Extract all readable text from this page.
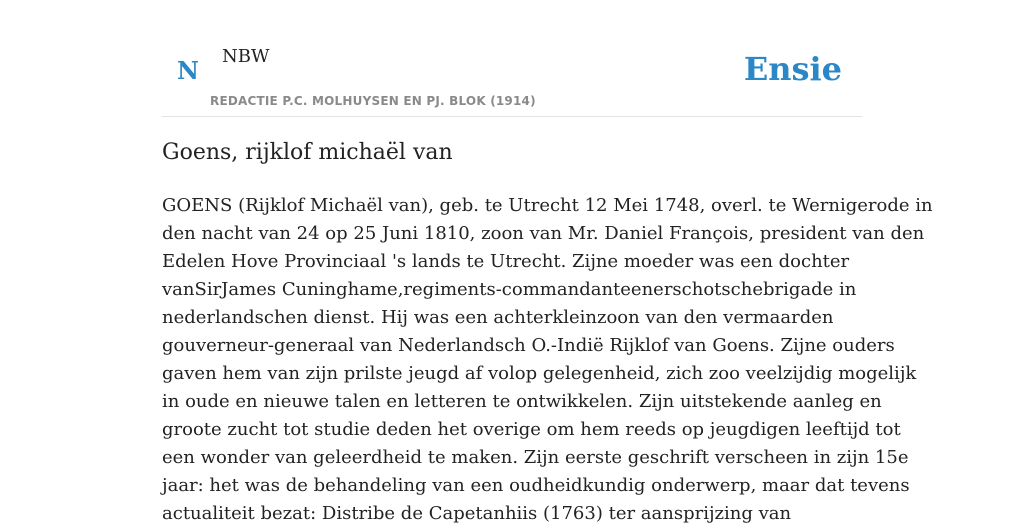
N NBW
REDACTIE P.C. MOLHUYSEN EN PJ. BLOK (1914)
Ensie
Goens, rijklof michaël van

GOENS (Rijklof Michaël van), geb. te Utrecht 12 Mei 1748, overl. te Wernigerode in
den nacht van 24 op 25 Juni 1810, zoon van Mr. Daniel François, president van den
Edelen Hove Provinciaal 's lands te Utrecht. Zijne moeder was een dochter
vanSirJames Cuninghame,regiments-commandanteenerschotschebrigade in
nederlandschen dienst. Hij was een achterkleinzoon van den vermaarden
gouverneur-generaal van Nederlandsch O.-Indië Rijklof van Goens. Zijne ouders
gaven hem van zijn prilste jeugd af volop gelegenheid, zich zoo veelzijdig mogelijk
in oude en nieuwe talen en letteren te ontwikkelen. Zijn uitstekende aanleg en
groote zucht tot studie deden het overige om hem reeds op jeugdigen leeftijd tot
een wonder van geleerdheid te maken. Zijn eerste geschrift verscheen in zijn 15e
jaar: het was de behandeling van een oudheidkundig onderwerp, maar dat tevens
actualiteit bezat: Distribe de Capetanhiis (1763) ter aansprijzing van
